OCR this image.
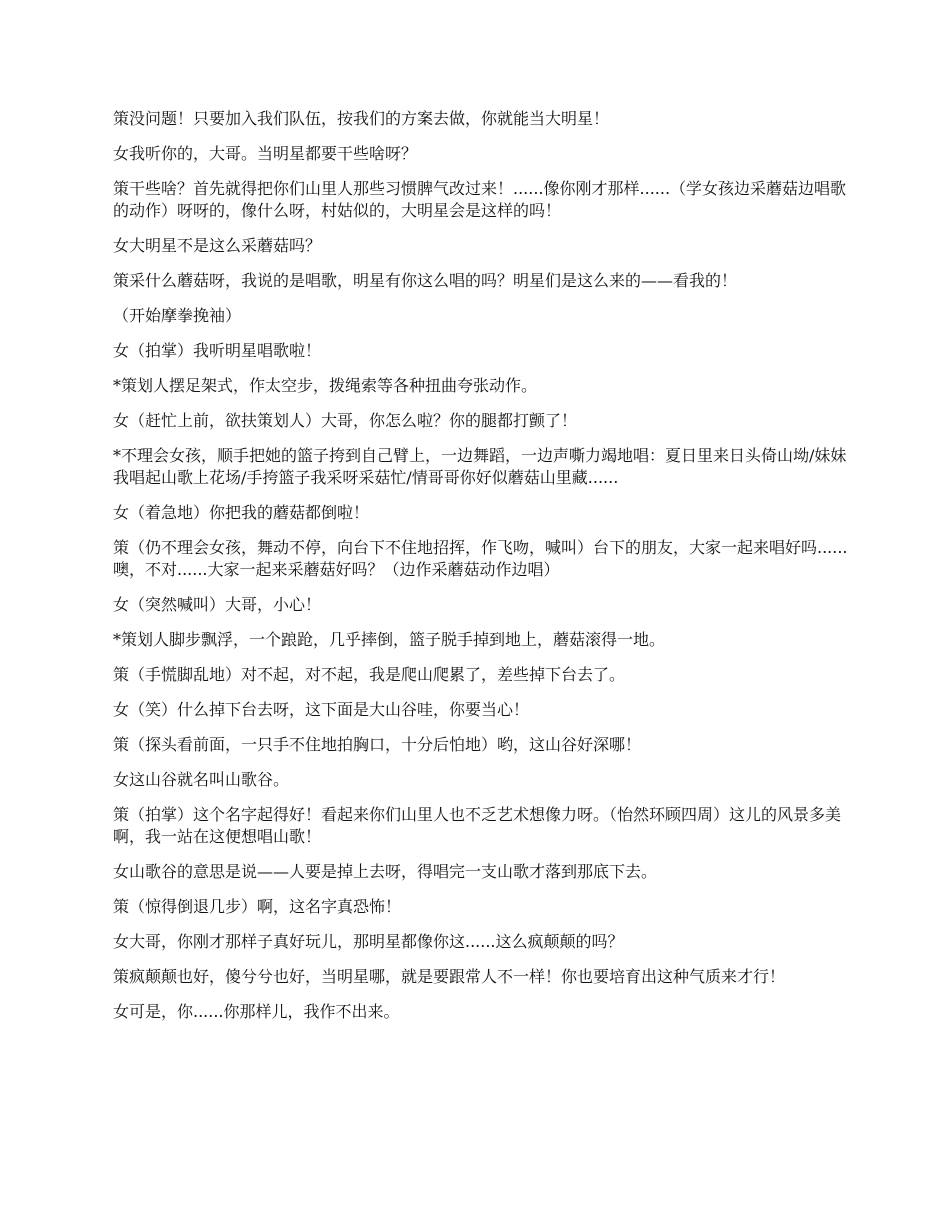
策没问题！只要加入我们队伍，按我们的方案去做，你就能当大明星！

女我听你的，大哥。当明星都要干些啥呀？

策干些啥？首先就得把你们山里人那些习惯脾气改过来！......像你刚才那样......（学女孩边采蘑菇边唱歌的动作）呀呀的，像什么呀，村姑似的，大明星会是这样的吗！

女大明星不是这么采蘑菇吗？

策采什么蘑菇呀，我说的是唱歌，明星有你这么唱的吗？明星们是这么来的——看我的！

（开始摩拳挽袖）

女（拍掌）我听明星唱歌啦！

*策划人摆足架式，作太空步，拨绳索等各种扭曲夸张动作。

女（赶忙上前，欲扶策划人）大哥，你怎么啦？你的腿都打颤了！

*不理会女孩，顺手把她的篮子挎到自己臂上，一边舞蹈，一边声嘶力竭地唱：夏日里来日头倚山坳/妹妹我唱起山歌上花场/手挎篮子我采呀采菇忙/情哥哥你好似蘑菇山里藏......

女（着急地）你把我的蘑菇都倒啦！

策（仍不理会女孩，舞动不停，向台下不住地招挥，作飞吻，喊叫）台下的朋友，大家一起来唱好吗......噢，不对......大家一起来采蘑菇好吗？（边作采蘑菇动作边唱）

女（突然喊叫）大哥，小心！

*策划人脚步飘浮，一个踉跄，几乎摔倒，篮子脱手掉到地上，蘑菇滚得一地。

策（手慌脚乱地）对不起，对不起，我是爬山爬累了，差些掉下台去了。

女（笑）什么掉下台去呀，这下面是大山谷哇，你要当心！

策（探头看前面，一只手不住地拍胸口，十分后怕地）哟，这山谷好深哪！

女这山谷就名叫山歌谷。

策（拍掌）这个名字起得好！看起来你们山里人也不乏艺术想像力呀。（怡然环顾四周）这儿的风景多美啊，我一站在这便想唱山歌！

女山歌谷的意思是说——人要是掉上去呀，得唱完一支山歌才落到那底下去。

策（惊得倒退几步）啊，这名字真恐怖！

女大哥，你刚才那样子真好玩儿，那明星都像你这......这么疯颠颠的吗？

策疯颠颠也好，傻兮兮也好，当明星哪，就是要跟常人不一样！你也要培育出这种气质来才行！

女可是，你......你那样儿，我作不出来。
